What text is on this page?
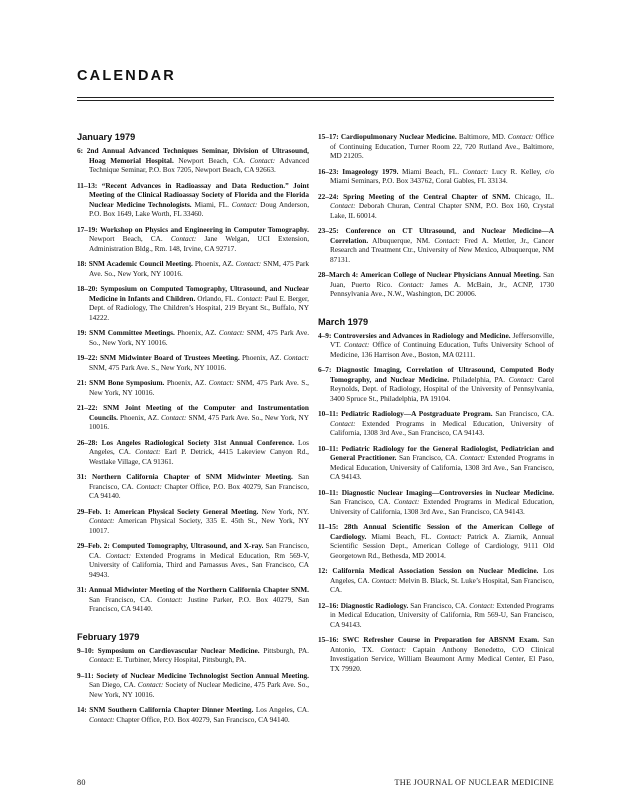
CALENDAR
January 1979

6: 2nd Annual Advanced Techniques Seminar, Division of Ultrasound, Hoag Memorial Hospital. Newport Beach, CA. Contact: Advanced Technique Seminar, P.O. Box 7205, Newport Beach, CA 92663.

11–13: “Recent Advances in Radioassay and Data Reduction.” Joint Meeting of the Clinical Radioassay Society of Florida and the Florida Nuclear Medicine Technologists. Miami, FL. Contact: Doug Anderson, P.O. Box 1649, Lake Worth, FL 33460.

17–19: Workshop on Physics and Engineering in Computer Tomography. Newport Beach, CA. Contact: Jane Welgan, UCI Extension, Administration Bldg., Rm. 148, Irvine, CA 92717.

18: SNM Academic Council Meeting. Phoenix, AZ. Contact: SNM, 475 Park Ave. So., New York, NY 10016.

18–20: Symposium on Computed Tomography, Ultrasound, and Nuclear Medicine in Infants and Children. Orlando, FL. Contact: Paul E. Berger, Dept. of Radiology, The Children’s Hospital, 219 Bryant St., Buffalo, NY 14222.

19: SNM Committee Meetings. Phoenix, AZ. Contact: SNM, 475 Park Ave. So., New York, NY 10016.

19–22: SNM Midwinter Board of Trustees Meeting. Phoenix, AZ. Contact: SNM, 475 Park Ave. S., New York, NY 10016.

21: SNM Bone Symposium. Phoenix, AZ. Contact: SNM, 475 Park Ave. S., New York, NY 10016.

21–22: SNM Joint Meeting of the Computer and Instrumentation Councils. Phoenix, AZ. Contact: SNM, 475 Park Ave. So., New York, NY 10016.

26–28: Los Angeles Radiological Society 31st Annual Conference. Los Angeles, CA. Contact: Earl P. Detrick, 4415 Lakeview Canyon Rd., Westlake Village, CA 91361.

31: Northern California Chapter of SNM Midwinter Meeting. San Francisco, CA. Contact: Chapter Office, P.O. Box 40279, San Francisco, CA 94140.

29–Feb. 1: American Physical Society General Meeting. New York, NY. Contact: American Physical Society, 335 E. 45th St., New York, NY 10017.

29–Feb. 2: Computed Tomography, Ultrasound, and X-ray. San Francisco, CA. Contact: Extended Programs in Medical Education, Rm 569-V, University of California, Third and Parnassus Aves., San Francisco, CA 94943.

31: Annual Midwinter Meeting of the Northern California Chapter SNM. San Francisco, CA. Contact: Justine Parker, P.O. Box 40279, San Francisco, CA 94140.

February 1979

9–10: Symposium on Cardiovascular Nuclear Medicine. Pittsburgh, PA. Contact: E. Turbiner, Mercy Hospital, Pittsburgh, PA.

9–11: Society of Nuclear Medicine Technologist Section Annual Meeting. San Diego, CA. Contact: Society of Nuclear Medicine, 475 Park Ave. So., New York, NY 10016.

14: SNM Southern California Chapter Dinner Meeting. Los Angeles, CA. Contact: Chapter Office, P.O. Box 40279, San Francisco, CA 94140.

15–17: Cardiopulmonary Nuclear Medicine. Baltimore, MD. Contact: Office of Continuing Education, Turner Room 22, 720 Rutland Ave., Baltimore, MD 21205.

16–23: Imageology 1979. Miami Beach, FL. Contact: Lucy R. Kelley, c/o Miami Seminars, P.O. Box 343762, Coral Gables, FL 33134.

22–24: Spring Meeting of the Central Chapter of SNM. Chicago, IL. Contact: Deborah Churan, Central Chapter SNM, P.O. Box 160, Crystal Lake, IL 60014.

23–25: Conference on CT Ultrasound, and Nuclear Medicine—A Correlation. Albuquerque, NM. Contact: Fred A. Mettler, Jr., Cancer Research and Treatment Ctr., University of New Mexico, Albuquerque, NM 87131.

28–March 4: American College of Nuclear Physicians Annual Meeting. San Juan, Puerto Rico. Contact: James A. McBain, Jr., ACNP, 1730 Pennsylvania Ave., N.W., Washington, DC 20006.

March 1979

4–9: Controversies and Advances in Radiology and Medicine. Jeffersonville, VT. Contact: Office of Continuing Education, Tufts University School of Medicine, 136 Harrison Ave., Boston, MA 02111.

6–7: Diagnostic Imaging, Correlation of Ultrasound, Computed Body Tomography, and Nuclear Medicine. Philadelphia, PA. Contact: Carol Reynolds, Dept. of Radiology, Hospital of the University of Pennsylvania, 3400 Spruce St., Philadelphia, PA 19104.

10–11: Pediatric Radiology—A Postgraduate Program. San Francisco, CA. Contact: Extended Programs in Medical Education, University of California, 1308 3rd Ave., San Francisco, CA 94143.

10–11: Pediatric Radiology for the General Radiologist, Pediatrician and General Practitioner. San Francisco, CA. Contact: Extended Programs in Medical Education, University of California, 1308 3rd Ave., San Francisco, CA 94143.

10–11: Diagnostic Nuclear Imaging—Controversies in Nuclear Medicine. San Francisco, CA. Contact: Extended Programs in Medical Education, University of California, 1308 3rd Ave., San Francisco, CA 94143.

11–15: 28th Annual Scientific Session of the American College of Cardiology. Miami Beach, FL. Contact: Patrick A. Ziarnik, Annual Scientific Session Dept., American College of Cardiology, 9111 Old Georgetown Rd., Bethesda, MD 20014.

12: California Medical Association Session on Nuclear Medicine. Los Angeles, CA. Contact: Melvin B. Black, St. Luke’s Hospital, San Francisco, CA.

12–16: Diagnostic Radiology. San Francisco, CA. Contact: Extended Programs in Medical Education, University of California, Rm 569-U, San Francisco, CA 94143.

15–16: SWC Refresher Course in Preparation for ABSNM Exam. San Antonio, TX. Contact: Captain Anthony Benedetto, C/O Clinical Investigation Service, William Beaumont Army Medical Center, El Paso, TX 79920.

80	THE JOURNAL OF NUCLEAR MEDICINE
